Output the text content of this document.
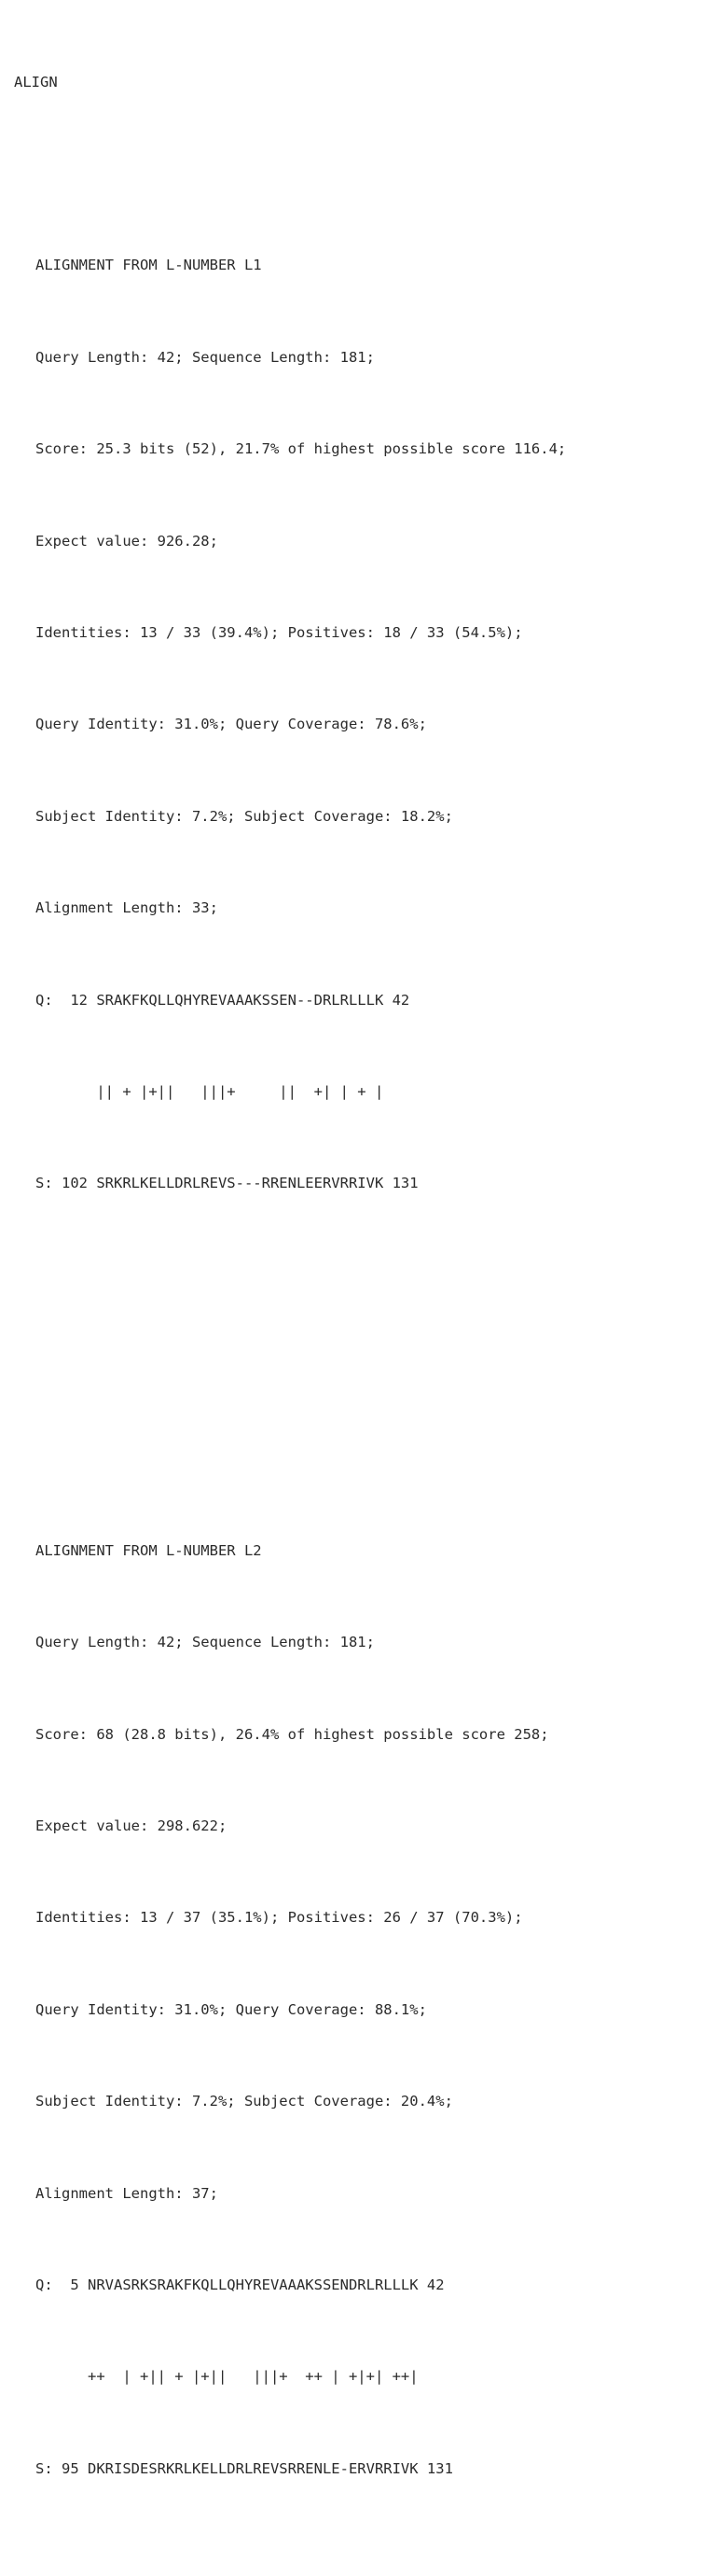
ALIGN

ALIGNMENT FROM L-NUMBER L1

Query Length: 42; Sequence Length: 181;

Score: 25.3 bits (52), 21.7% of highest possible score 116.4;

Expect value: 926.28;

Identities: 13 / 33 (39.4%); Positives: 18 / 33 (54.5%);

Query Identity: 31.0%; Query Coverage: 78.6%;

Subject Identity: 7.2%; Subject Coverage: 18.2%;

Alignment Length: 33;

Q:  12 SRAKFKQLLQHYREVAAAKSSEN--DRLRLLLK 42

|| + |+||   |||+     ||  +| | + |

S: 102 SRKRLKELLDRLREVS---RRENLEERVRRIVK 131

ALIGNMENT FROM L-NUMBER L2

Query Length: 42; Sequence Length: 181;

Score: 68 (28.8 bits), 26.4% of highest possible score 258;

Expect value: 298.622;

Identities: 13 / 37 (35.1%); Positives: 26 / 37 (70.3%);

Query Identity: 31.0%; Query Coverage: 88.1%;

Subject Identity: 7.2%; Subject Coverage: 20.4%;

Alignment Length: 37;

Q:  5 NRVASRKSRAKFKQLLQHYREVAAAKSSENDRLRLLLK 42

++  | +|| + |+||   |||+  ++ | +|+| ++|

S: 95 DKRISDESRKRLKELLDRLREVSRRENLE-ERVRRIVK 131
